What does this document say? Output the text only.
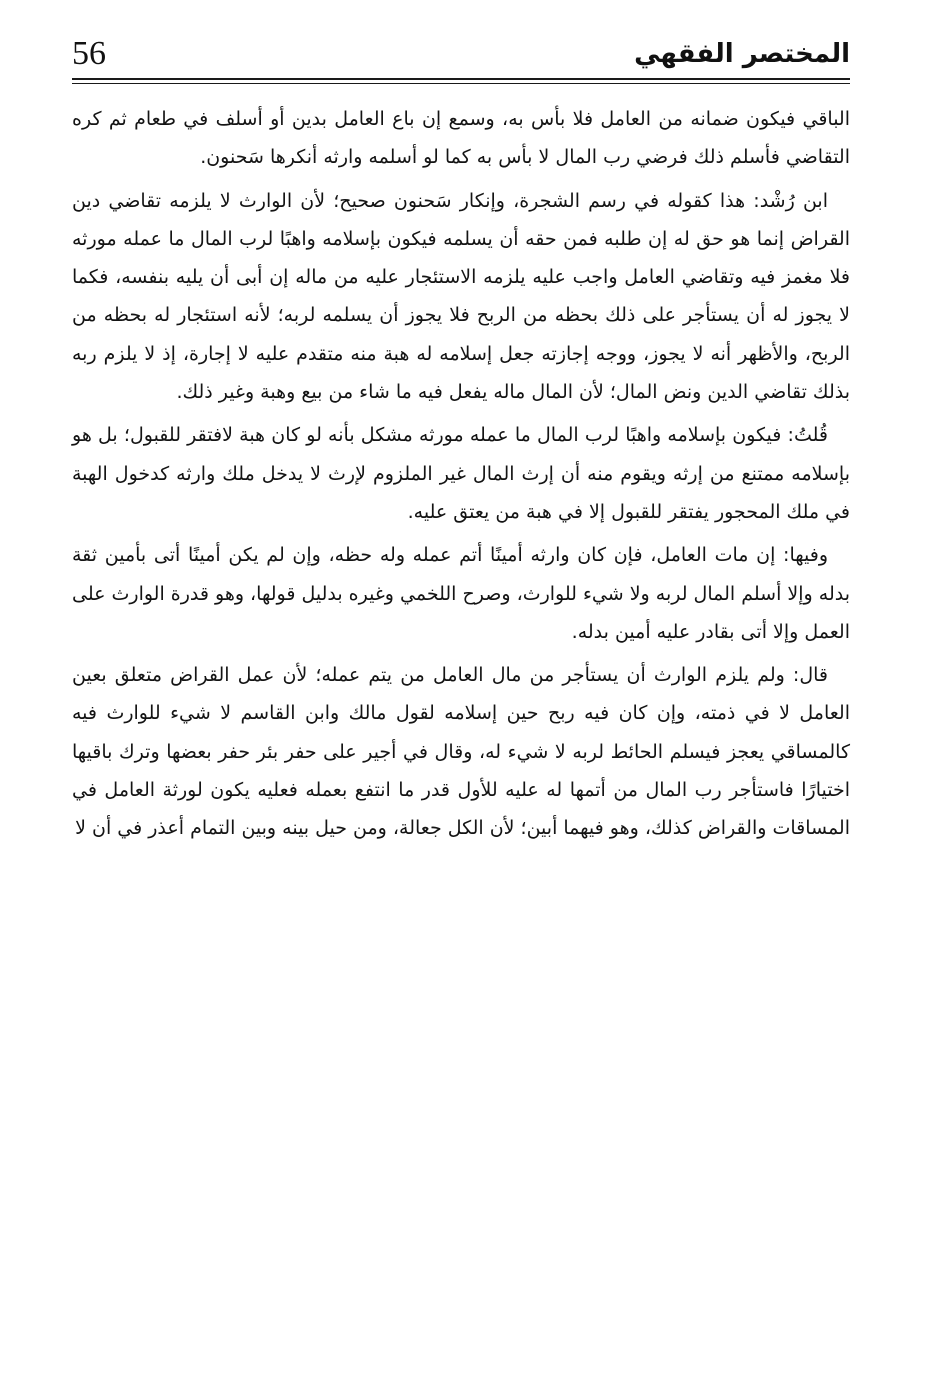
56	المختصر الفقهي

الباقي فيكون ضمانه من العامل فلا بأس به، وسمع إن باع العامل بدين أو أسلف في طعام ثم كره التقاضي فأسلم ذلك فرضي رب المال لا بأس به كما لو أسلمه وارثه أنكرها سَحنون.

ابن رُشْد: هذا كقوله في رسم الشجرة، وإنكار سَحنون صحيح؛ لأن الوارث لا يلزمه تقاضي دين القراض إنما هو حق له إن طلبه فمن حقه أن يسلمه فيكون بإسلامه واهبًا لرب المال ما عمله مورثه فلا مغمز فيه وتقاضي العامل واجب عليه يلزمه الاستئجار عليه من ماله إن أبى أن يليه بنفسه، فكما لا يجوز له أن يستأجر على ذلك بحظه من الربح فلا يجوز أن يسلمه لربه؛ لأنه استئجار له بحظه من الربح، والأظهر أنه لا يجوز، ووجه إجازته جعل إسلامه له هبة منه متقدم عليه لا إجارة، إذ لا يلزم ربه بذلك تقاضي الدين ونض المال؛ لأن المال ماله يفعل فيه ما شاء من بيع وهبة وغير ذلك.

قُلتُ: فيكون بإسلامه واهبًا لرب المال ما عمله مورثه مشكل بأنه لو كان هبة لافتقر للقبول؛ بل هو بإسلامه ممتنع من إرثه ويقوم منه أن إرث المال غير الملزوم لإرث لا يدخل ملك وارثه كدخول الهبة في ملك المحجور يفتقر للقبول إلا في هبة من يعتق عليه.

وفيها: إن مات العامل، فإن كان وارثه أمينًا أتم عمله وله حظه، وإن لم يكن أمينًا أتى بأمين ثقة بدله وإلا أسلم المال لربه ولا شيء للوارث، وصرح اللخمي وغيره بدليل قولها، وهو قدرة الوارث على العمل وإلا أتى بقادر عليه أمين بدله.

قال: ولم يلزم الوارث أن يستأجر من مال العامل من يتم عمله؛ لأن عمل القراض متعلق بعين العامل لا في ذمته، وإن كان فيه ربح حين إسلامه لقول مالك وابن القاسم لا شيء للوارث فيه كالمساقي يعجز فيسلم الحائط لربه لا شيء له، وقال في أجير على حفر بئر حفر بعضها وترك باقيها اختيارًا فاستأجر رب المال من أتمها له عليه للأول قدر ما انتفع بعمله فعليه يكون لورثة العامل في المساقات والقراض كذلك، وهو فيهما أبين؛ لأن الكل جعالة، ومن حيل بينه وبين التمام أعذر في أن لا
